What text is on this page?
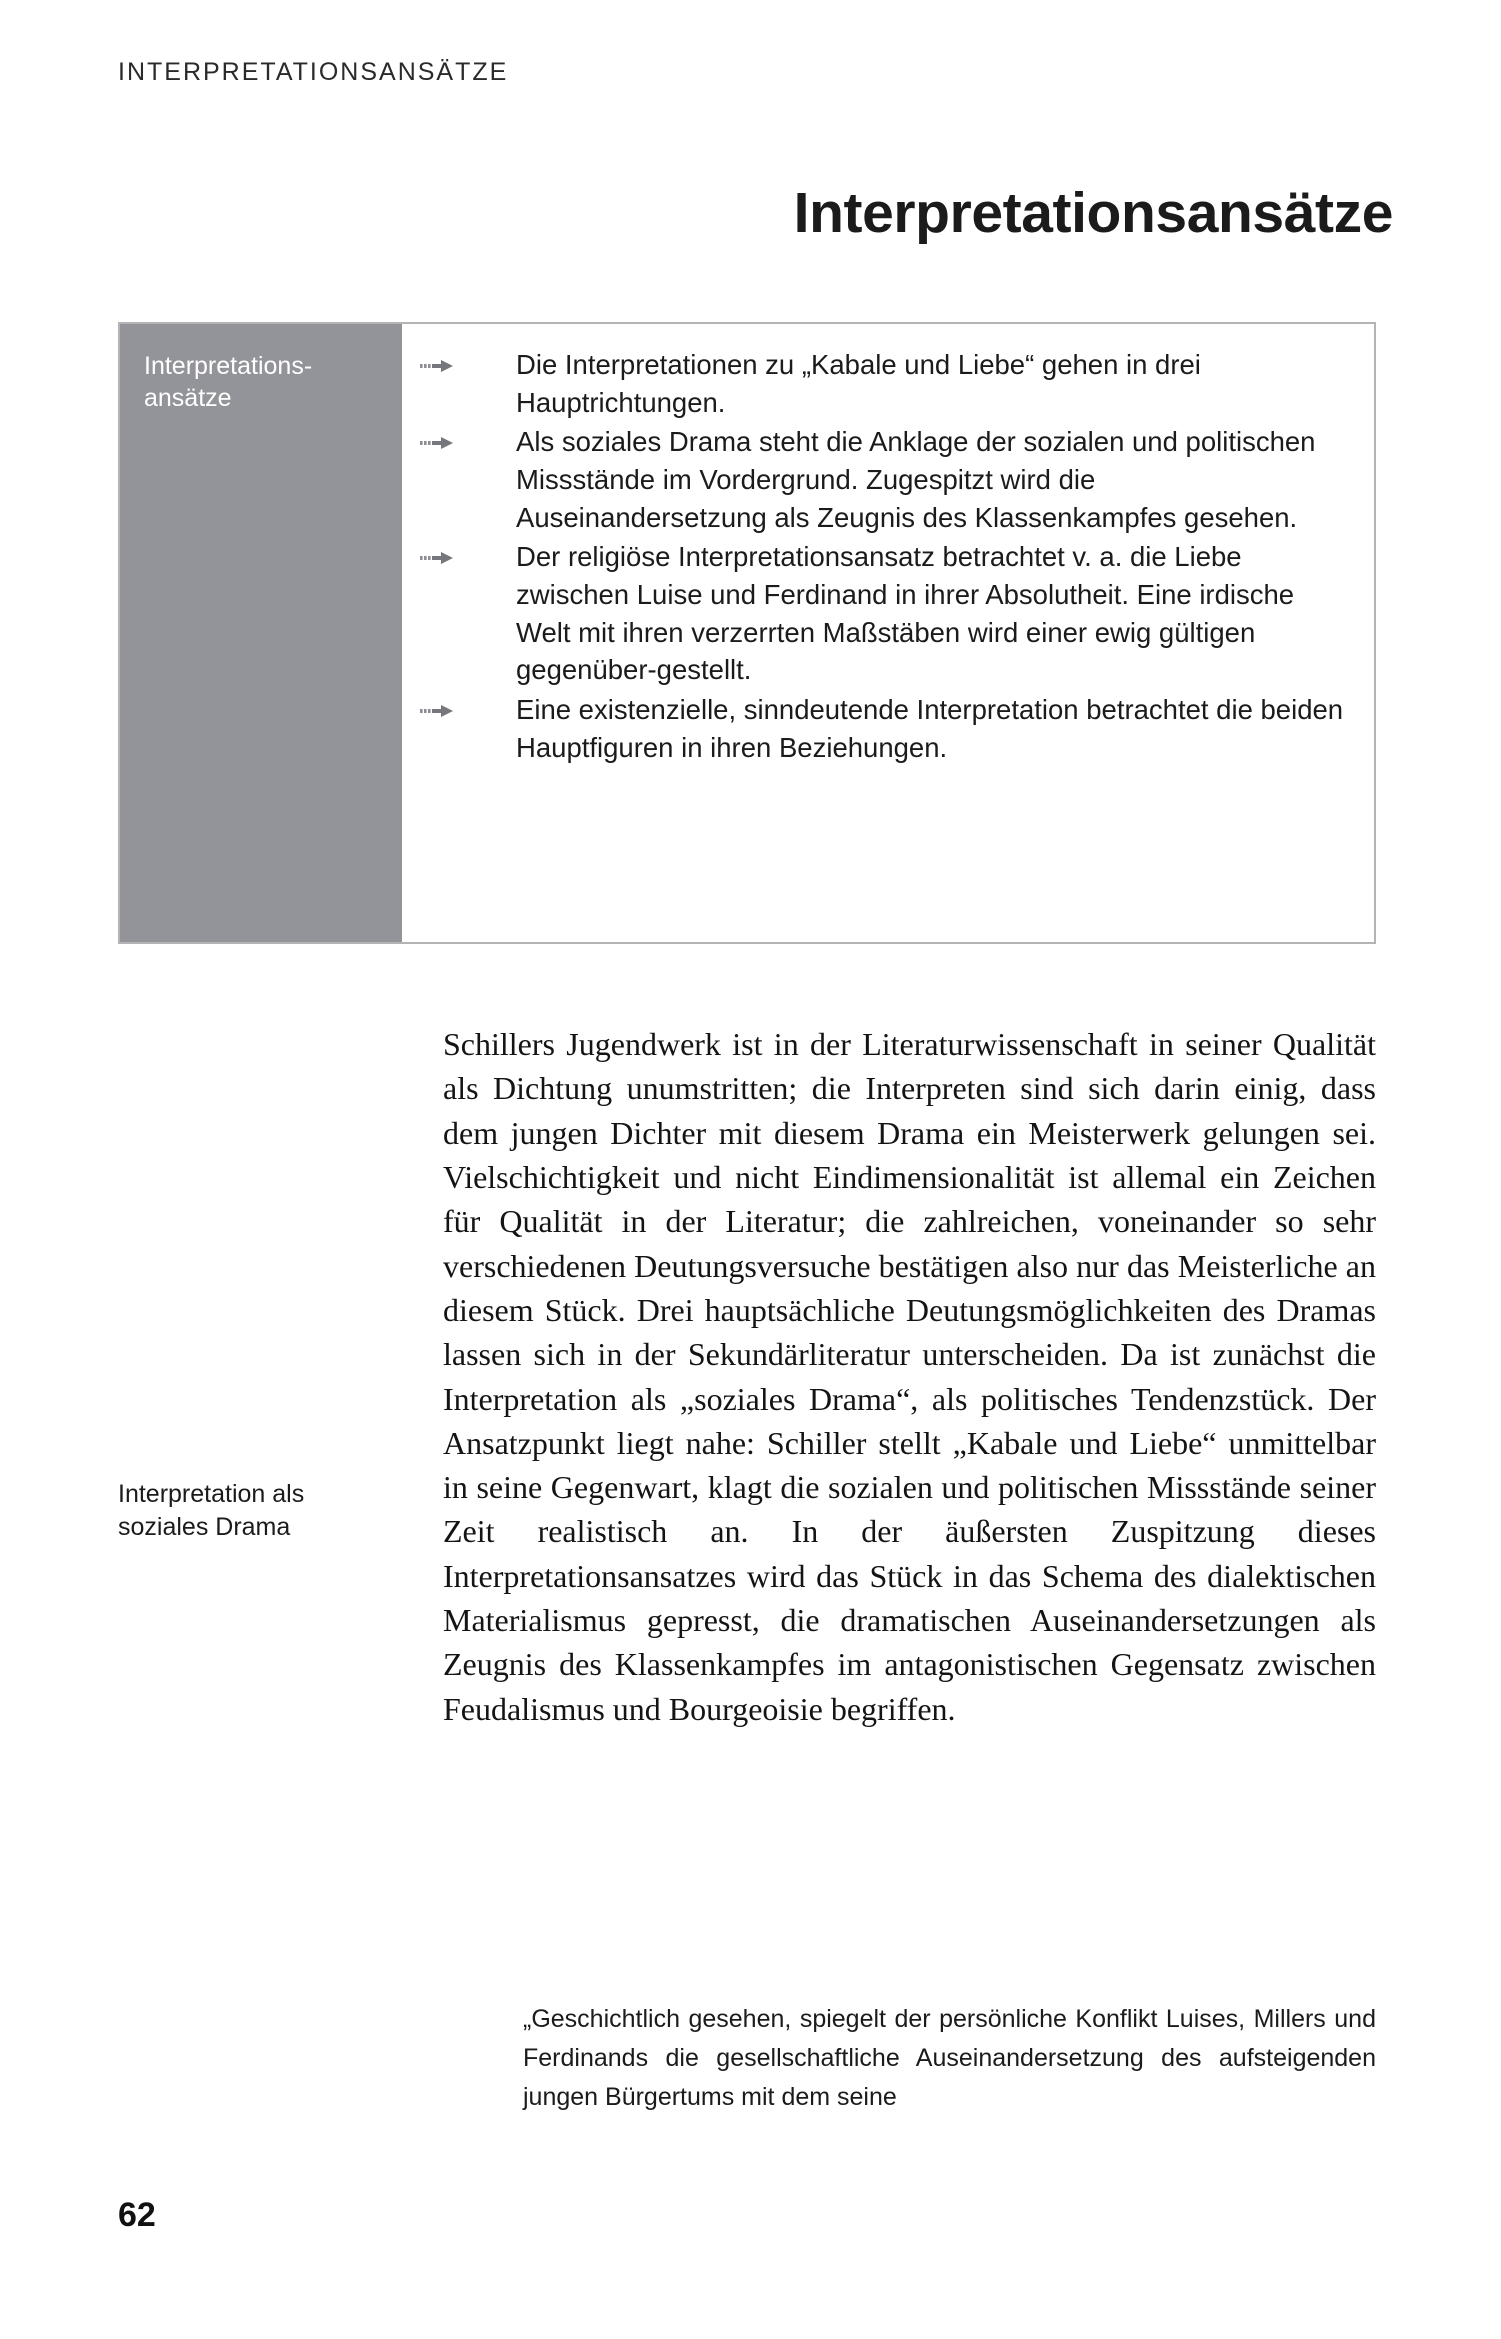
INTERPRETATIONSANSÄTZE
Interpretationsansätze
Interpretations-
ansätze
Die Interpretationen zu „Kabale und Liebe“ gehen in drei Hauptrichtungen.
Als soziales Drama steht die Anklage der sozialen und politischen Missstände im Vordergrund. Zugespitzt wird die Auseinandersetzung als Zeugnis des Klassenkampfes gesehen.
Der religiöse Interpretationsansatz betrachtet v. a. die Liebe zwischen Luise und Ferdinand in ihrer Absolutheit. Eine irdische Welt mit ihren verzerrten Maßstäben wird einer ewig gültigen gegenüber-gestellt.
Eine existenzielle, sinndeutende Interpretation betrachtet die beiden Hauptfiguren in ihren Beziehungen.
Interpretation als
soziales Drama

Schillers Jugendwerk ist in der Literaturwissenschaft in seiner Qualität als Dichtung unumstritten; die Interpreten sind sich darin einig, dass dem jungen Dichter mit diesem Drama ein Meisterwerk gelungen sei. Vielschichtigkeit und nicht Eindimensionalität ist allemal ein Zeichen für Qualität in der Literatur; die zahlreichen, voneinander so sehr verschiedenen Deutungsversuche bestätigen also nur das Meisterliche an diesem Stück. Drei hauptsächliche Deutungsmöglichkeiten des Dramas lassen sich in der Sekundärliteratur unterscheiden. Da ist zunächst die Interpretation als „soziales Drama“, als politisches Tendenzstück. Der Ansatzpunkt liegt nahe: Schiller stellt „Kabale und Liebe“ unmittelbar in seine Gegenwart, klagt die sozialen und politischen Missstände seiner Zeit realistisch an. In der äußersten Zuspitzung dieses Interpretationsansatzes wird das Stück in das Schema des dialektischen Materialismus gepresst, die dramatischen Auseinandersetzungen als Zeugnis des Klassenkampfes im antagonistischen Gegensatz zwischen Feudalismus und Bourgeoisie begriffen.

„Geschichtlich gesehen, spiegelt der persönliche Konflikt Luises, Millers und Ferdinands die gesellschaftliche Auseinandersetzung des aufsteigenden jungen Bürgertums mit dem seine
62
